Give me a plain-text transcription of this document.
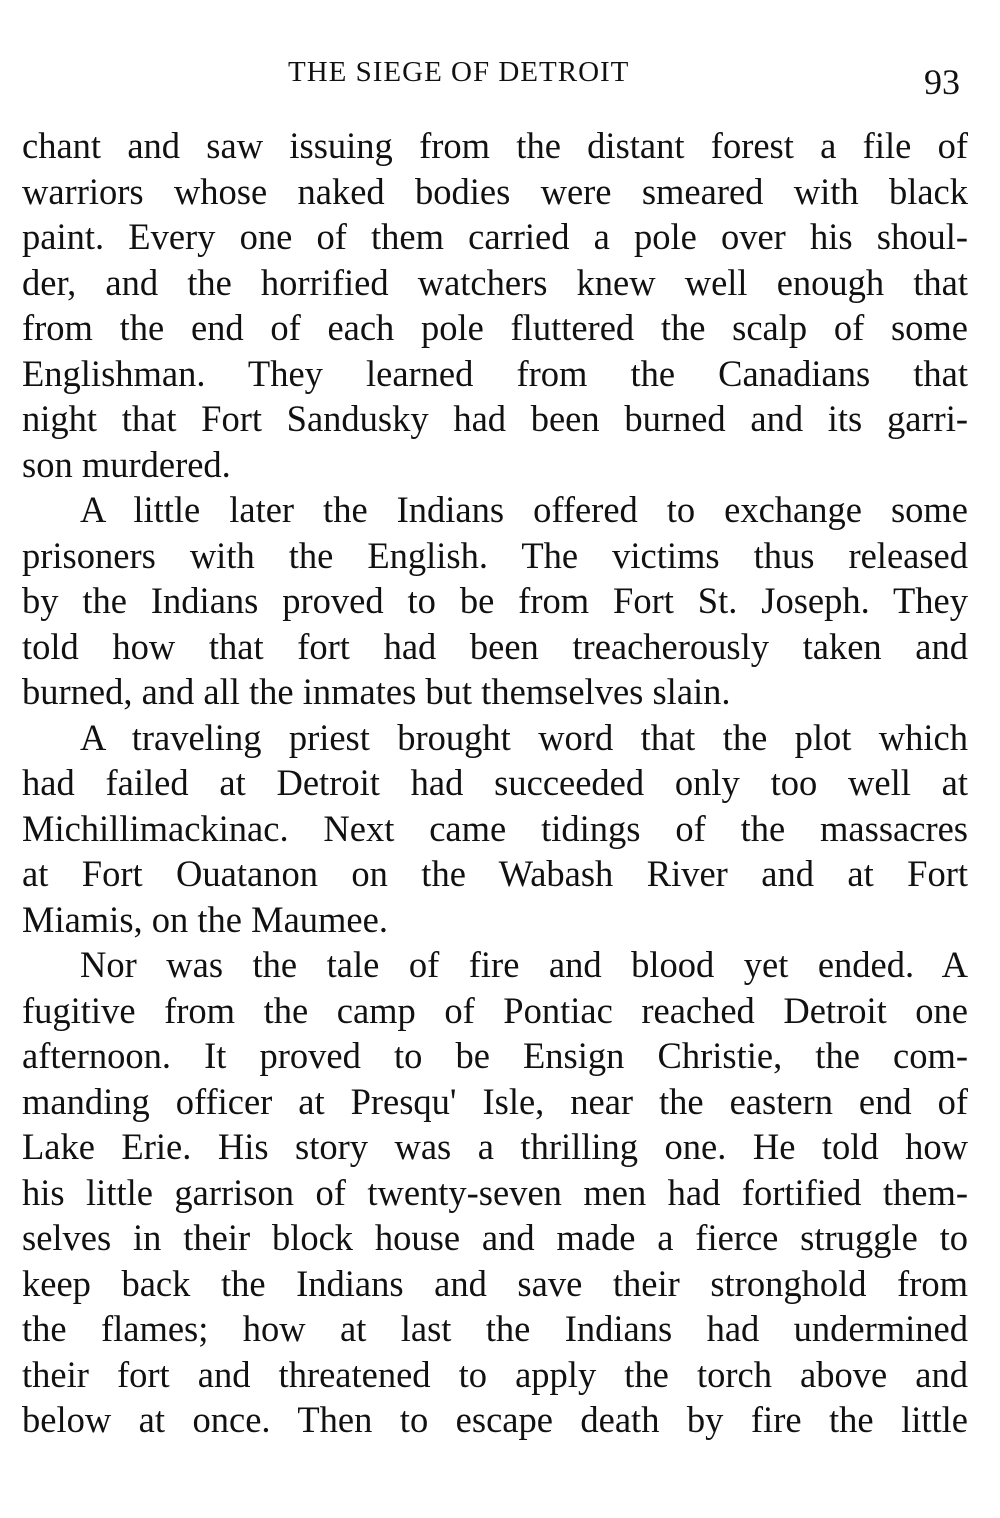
THE SIEGE OF DETROIT	93
chant and saw issuing from the distant forest a file of
warriors whose naked bodies were smeared with black
paint. Every one of them carried a pole over his shoul-
der, and the horrified watchers knew well enough that
from the end of each pole fluttered the scalp of some
Englishman. They learned from the Canadians that
night that Fort Sandusky had been burned and its garri-
son murdered.
A little later the Indians offered to exchange some
prisoners with the English. The victims thus released
by the Indians proved to be from Fort St. Joseph. They
told how that fort had been treacherously taken and
burned, and all the inmates but themselves slain.
A traveling priest brought word that the plot which
had failed at Detroit had succeeded only too well at
Michillimackinac. Next came tidings of the massacres
at Fort Ouatanon on the Wabash River and at Fort
Miamis, on the Maumee.
Nor was the tale of fire and blood yet ended. A
fugitive from the camp of Pontiac reached Detroit one
afternoon. It proved to be Ensign Christie, the com-
manding officer at Presqu' Isle, near the eastern end of
Lake Erie. His story was a thrilling one. He told how
his little garrison of twenty-seven men had fortified them-
selves in their block house and made a fierce struggle to
keep back the Indians and save their stronghold from
the flames; how at last the Indians had undermined
their fort and threatened to apply the torch above and
below at once. Then to escape death by fire the little
